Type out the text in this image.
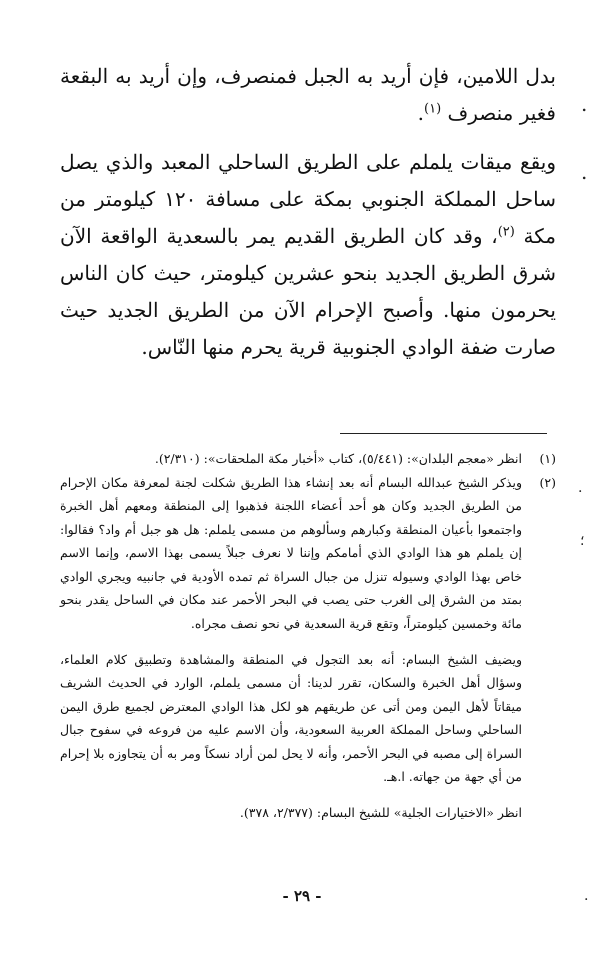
.
.
.
؛
.

بدل اللامين، فإن أريد به الجبل فمنصرف، وإن أريد به البقعة فغير منصرف $^{(١)}$.

ويقع ميقات يلملم على الطريق الساحلي المعبد والذي يصل ساحل المملكة الجنوبي بمكة على مسافة ١٢٠ كيلومتر من مكة $^{(٢)}$، وقد كان الطريق القديم يمر بالسعدية الواقعة الآن شرق الطريق الجديد بنحو عشرين كيلومتر، حيث كان الناس يحرمون منها. وأصبح الإحرام الآن من الطريق الجديد حيث صارت ضفة الوادي الجنوبية قرية يحرم منها النّاس.

(١)
انظر «معجم البلدان»: (٥/٤٤١)، كتاب «أخبار مكة الملحقات»: (٢/٣١٠).
(٢)
ويذكر الشيخ عبدالله البسام أنه بعد إنشاء هذا الطريق شكلت لجنة لمعرفة مكان الإحرام من الطريق الجديد وكان هو أحد أعضاء اللجنة فذهبوا إلى المنطقة ومعهم أهل الخبرة واجتمعوا بأعيان المنطقة وكبارهم وسألوهم من مسمى يلملم: هل هو جبل أم واد؟ فقالوا: إن يلملم هو هذا الوادي الذي أمامكم وإننا لا نعرف جبلاً يسمى بهذا الاسم، وإنما الاسم خاص بهذا الوادي وسيوله تنزل من جبال السراة ثم تمده الأودية في جانبيه ويجري الوادي بمتد من الشرق إلى الغرب حتى يصب في البحر الأحمر عند مكان في الساحل يقدر بنحو مائة وخمسين كيلومتراً، وتقع قرية السعدية في نحو نصف مجراه.

ويضيف الشيخ البسام: أنه بعد التجول في المنطقة والمشاهدة وتطبيق كلام العلماء، وسؤال أهل الخبرة والسكان، تقرر لدينا: أن مسمى يلملم، الوارد في الحديث الشريف ميقاتاً لأهل اليمن ومن أتى عن طريقهم هو لكل هذا الوادي المعترض لجميع طرق اليمن الساحلي وساحل المملكة العربية السعودية، وأن الاسم عليه من فروعه في سفوح جبال السراة إلى مصبه في البحر الأحمر، وأنه لا يحل لمن أراد نسكاً ومر به أن يتجاوزه بلا إحرام من أي جهة من جهاته. ا.هـ.

انظر «الاختيارات الجلية» للشيخ البسام: (٢/٣٧٧، ٣٧٨).

- ٢٩ -
